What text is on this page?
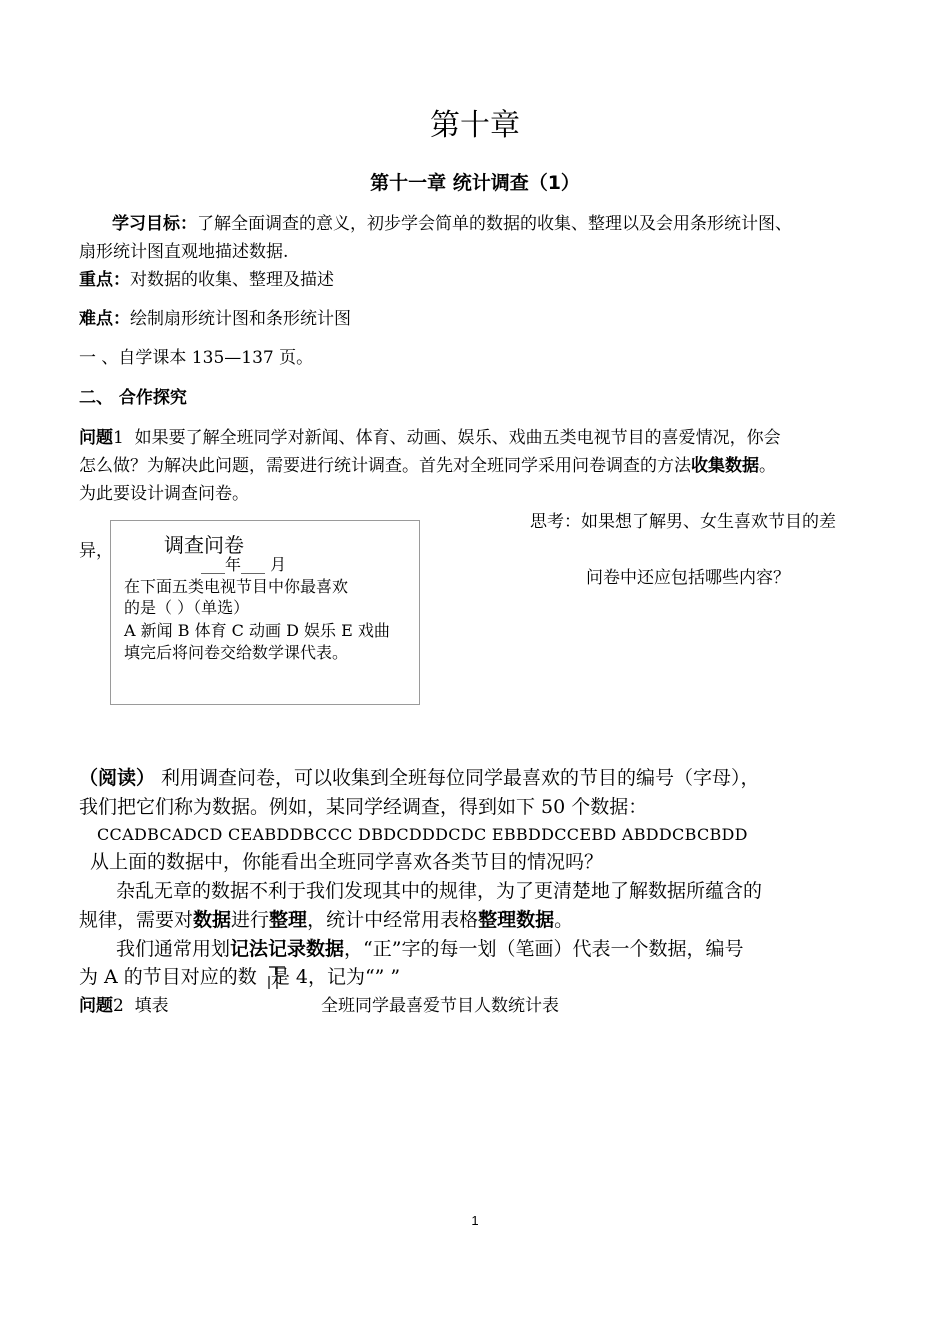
第十章
第十一章 统计调查（1）
学习目标：了解全面调查的意义，初步学会简单的数据的收集、整理以及会用条形统计图、
扇形统计图直观地描述数据.
重点：对数据的收集、整理及描述
难点：绘制扇形统计图和条形统计图
一 、自学课本 135—137 页。
二、 合作探究
问题1 如果要了解全班同学对新闻、体育、动画、娱乐、戏曲五类电视节目的喜爱情况，你会
怎么做？为解决此问题，需要进行统计调查。首先对全班同学采用问卷调查的方法收集数据。
为此要设计调查问卷。
思考：如果想了解男、女生喜欢节目的差
异，
问卷中还应包括哪些内容？
调查问卷
___年___ 月
在下面五类电视节目中你最喜欢
的是（ ）（单选）
A 新闻 B 体育 C 动画 D 娱乐 E 戏曲
填完后将问卷交给数学课代表。
（阅读） 利用调查问卷，可以收集到全班每位同学最喜欢的节目的编号（字母），
我们把它们称为数据。例如，某同学经调查，得到如下 50 个数据：
CCADBCADCD CEABDDBCCC DBDCDDDCDC EBBDDCCEBD ABDDCBCBDD
从上面的数据中，你能看出全班同学喜欢各类节目的情况吗？
杂乱无章的数据不利于我们发现其中的规律，为了更清楚地了解数据所蕴含的
规律，需要对数据进行整理，统计中经常用表格整理数据。
我们通常用划记法记录数据，“正”字的每一划（笔画）代表一个数据，编号
为 A 的节目对应的数 是 4，记为“” ”
问题2 填表	全班同学最喜爱节目人数统计表
1
